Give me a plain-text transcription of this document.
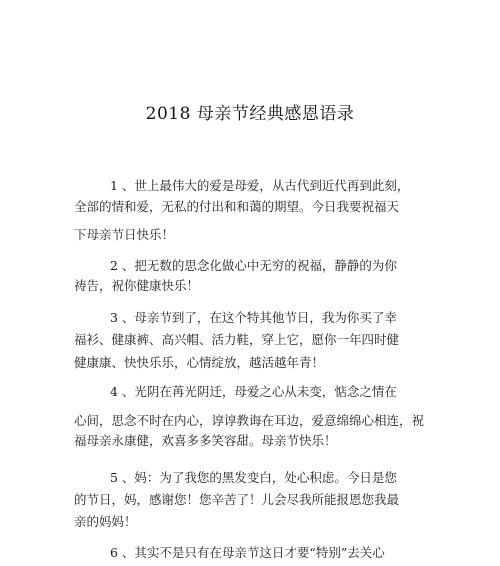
2018 母亲节经典感恩语录
1 、世上最伟大的爱是母爱，从古代到近代再到此刻，
全部的情和爱，无私的付出和和蔼的期望。今日我要祝福天
下母亲节日快乐！
2 、把无数的思念化做心中无穷的祝福，静静的为你
祷告，祝你健康快乐！
3 、母亲节到了，在这个特其他节日，我为你买了幸
福衫、健康裤、高兴帽、活力鞋，穿上它，愿你一年四时健
健康康、快快乐乐，心情绽放，越活越年青！
4 、光阴在苒光阴迁，母爱之心从未变，惦念之情在
心间，思念不时在内心，谆谆教诲在耳边，爱意绵绵心相连，祝
福母亲永康健，欢喜多多笑容甜。母亲节快乐！
5 、妈：为了我您的黑发变白，处心积虑。今日是您
的节日，妈，感谢您！您辛苦了！儿会尽我所能报恩您我最
亲的妈妈！
6 、其实不是只有在母亲节这日才要“特别”去关心
